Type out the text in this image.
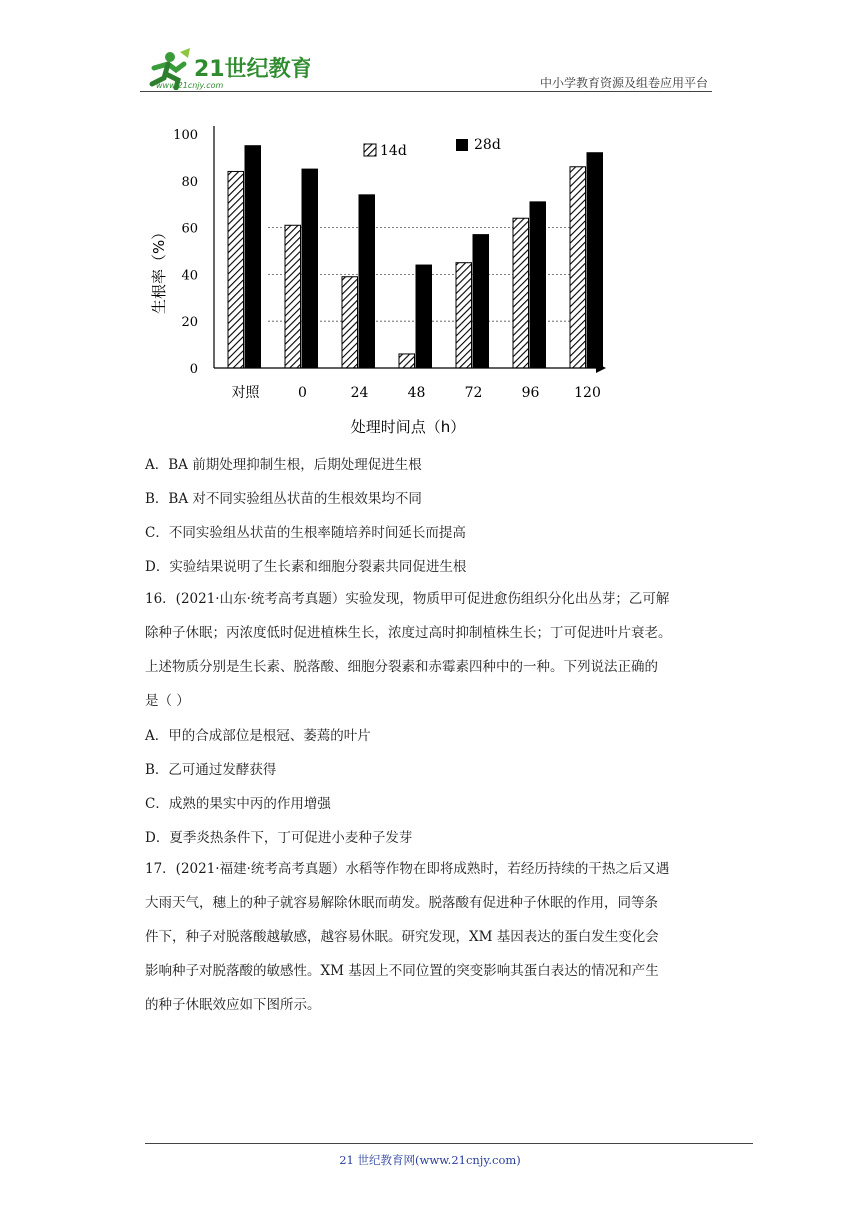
21世纪教育
www.21cnjy.com	中小学教育资源及组卷应用平台
0
20
40
60
80
100
对照	0	24	48	72	96 120
14d	28d
生根率（%）
处理时间点（h）
A．BA 前期处理抑制生根，后期处理促进生根
B．BA 对不同实验组丛状苗的生根效果均不同
C．不同实验组丛状苗的生根率随培养时间延长而提高
D．实验结果说明了生长素和细胞分裂素共同促进生根
16．(2021·山东·统考高考真题）实验发现，物质甲可促进愈伤组织分化出丛芽；乙可解
除种子休眠；丙浓度低时促进植株生长，浓度过高时抑制植株生长；丁可促进叶片衰老。
上述物质分别是生长素、脱落酸、细胞分裂素和赤霉素四种中的一种。下列说法正确的
是（ ）
A．甲的合成部位是根冠、萎蔫的叶片
B．乙可通过发酵获得
C．成熟的果实中丙的作用增强
D．夏季炎热条件下，丁可促进小麦种子发芽
17．(2021·福建·统考高考真题）水稻等作物在即将成熟时，若经历持续的干热之后又遇
大雨天气，穗上的种子就容易解除休眠而萌发。脱落酸有促进种子休眠的作用，同等条
件下，种子对脱落酸越敏感，越容易休眠。研究发现，XM 基因表达的蛋白发生变化会
影响种子对脱落酸的敏感性。XM 基因上不同位置的突变影响其蛋白表达的情况和产生
的种子休眠效应如下图所示。
21 世纪教育网(www.21cnjy.com)
